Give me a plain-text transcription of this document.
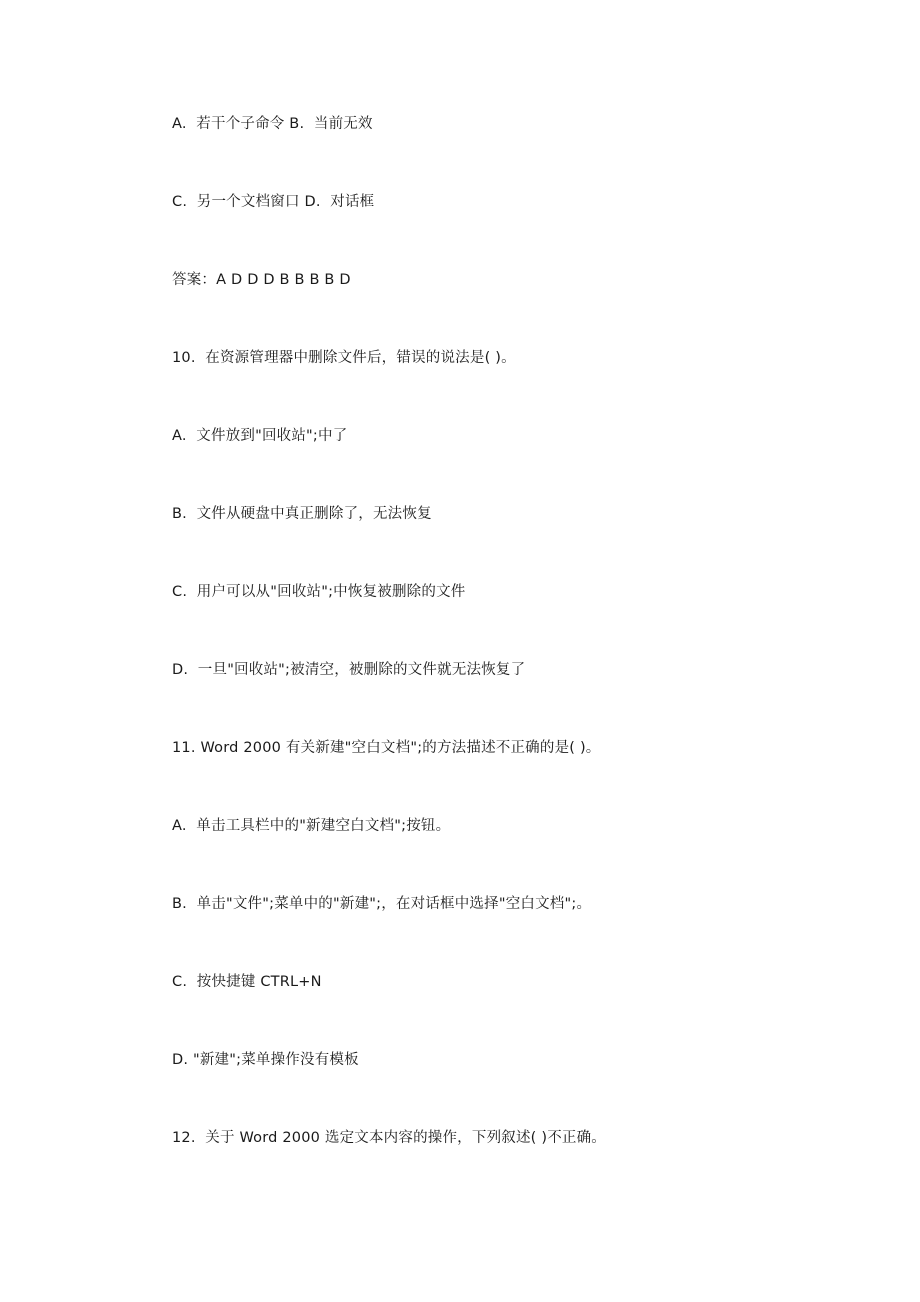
A.  若干个子命令 B.  当前无效
C.  另一个文档窗口 D.  对话框
答案：A D D D B B B B D
10.  在资源管理器中删除文件后，错误的说法是( )。
A.  文件放到"回收站";中了
B.  文件从硬盘中真正删除了，无法恢复
C.  用户可以从"回收站";中恢复被删除的文件
D.  一旦"回收站";被清空，被删除的文件就无法恢复了
11. Word 2000 有关新建"空白文档";的方法描述不正确的是( )。
A.  单击工具栏中的"新建空白文档";按钮。
B.  单击"文件";菜单中的"新建";，在对话框中选择"空白文档";。
C.  按快捷键 CTRL+N
D. "新建";菜单操作没有模板
12.  关于 Word 2000 选定文本内容的操作，下列叙述( )不正确。
